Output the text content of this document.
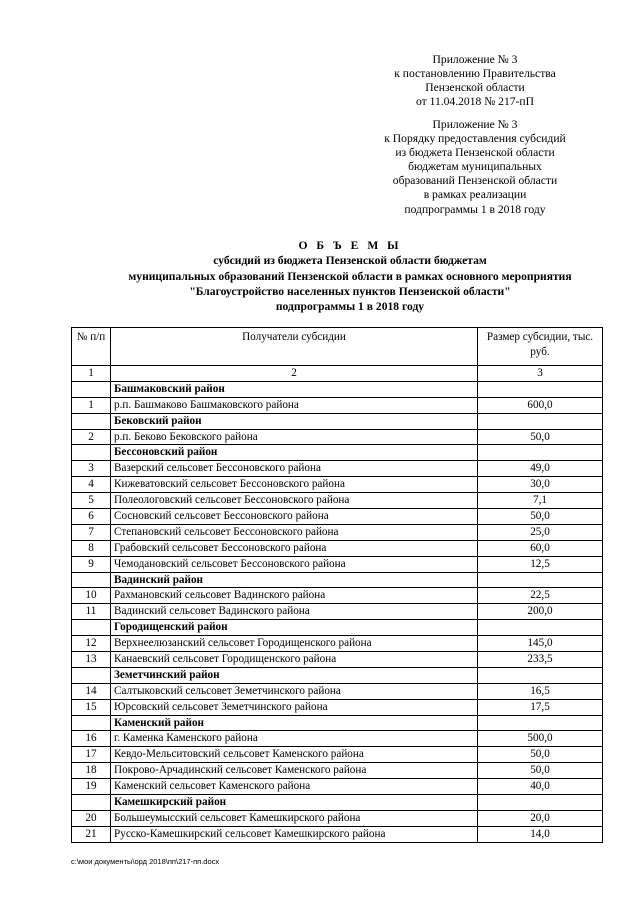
Приложение № 3
к постановлению Правительства
Пензенской области
от 11.04.2018 № 217-пП
Приложение № 3
к Порядку предоставления субсидий
из бюджета Пензенской области
бюджетам муниципальных
образований Пензенской области
в рамках реализации
подпрограммы 1 в 2018 году
О Б Ъ Е М Ы
субсидий из бюджета Пензенской области бюджетам
муниципальных образований Пензенской области в рамках основного мероприятия
"Благоустройство населенных пунктов Пензенской области"
подпрограммы 1 в 2018 году
№ п/п	Получатели субсидии	Размер субсидии, тыс. руб.
1	2	3
	Башмаковский район	
1	р.п. Башмаково Башмаковского района	600,0
	Бековский район	
2	р.п. Беково Бековского района	50,0
	Бессоновский район	
3	Вазерский сельсовет Бессоновского района	49,0
4	Кижеватовский сельсовет Бессоновского района	30,0
5	Полеологовский сельсовет Бессоновского района	7,1
6	Сосновский сельсовет Бессоновского района	50,0
7	Степановский сельсовет Бессоновского района	25,0
8	Грабовский сельсовет Бессоновского района	60,0
9	Чемодановский сельсовет Бессоновского района	12,5
	Вадинский район	
10	Рахмановский сельсовет Вадинского района	22,5
11	Вадинский сельсовет Вадинского района	200,0
	Городищенский район	
12	Верхнеелюзанский сельсовет Городищенского района	145,0
13	Канаевский сельсовет Городищенского района	233,5
	Земетчинский район	
14	Салтыковский сельсовет Земетчинского района	16,5
15	Юрсовский сельсовет Земетчинского района	17,5
	Каменский район	
16	г. Каменка Каменского района	500,0
17	Кевдо-Мельситовский сельсовет Каменского района	50,0
18	Покрово-Арчадинский сельсовет Каменского района	50,0
19	Каменский сельсовет Каменского района	40,0
	Камешкирский район	
20	Большеумысский сельсовет Камешкирского района	20,0
21	Русско-Камешкирский сельсовет Камешкирского района	14,0
c:\мои документы\орд 2018\пп\217-пп.docx
